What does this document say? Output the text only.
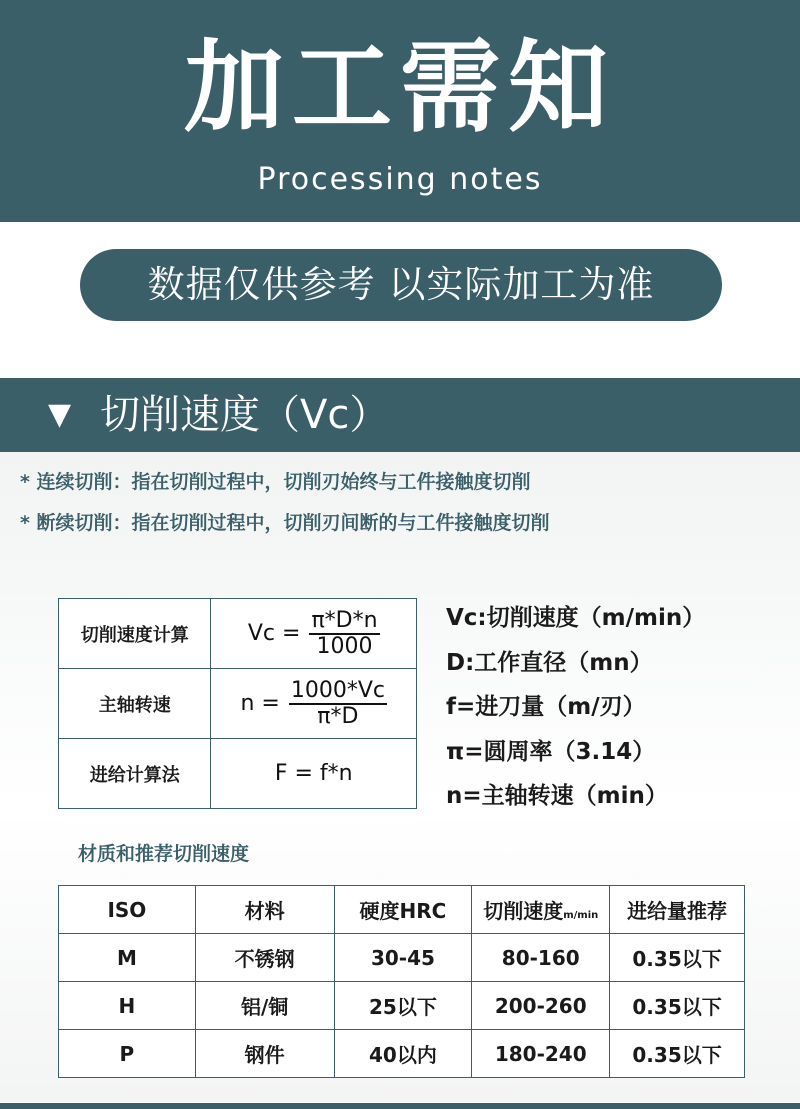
加工需知
Processing notes
数据仅供参考 以实际加工为准
▼ 切削速度（Vc）
* 连续切削：指在切削过程中，切削刃始终与工件接触度切削
* 断续切削：指在切削过程中，切削刃间断的与工件接触度切削
切削速度计算	$Vc = \frac{\pi*D*n}{1000}$

主轴转速	$n = \frac{1000*Vc}{\pi*D}$

进给计算法	F = f*n
Vc:切削速度（m/min）
D:工作直径（mn）
f=进刀量（m/刃）
π=圆周率（3.14）
n=主轴转速（min）
材质和推荐切削速度
ISO	材料	硬度HRC	切削速度m/min	进给量推荐
M	不锈钢	30-45	80-160	0.35以下
H	铝/铜	25以下	200-260	0.35以下
P	钢件	40以内	180-240	0.35以下
